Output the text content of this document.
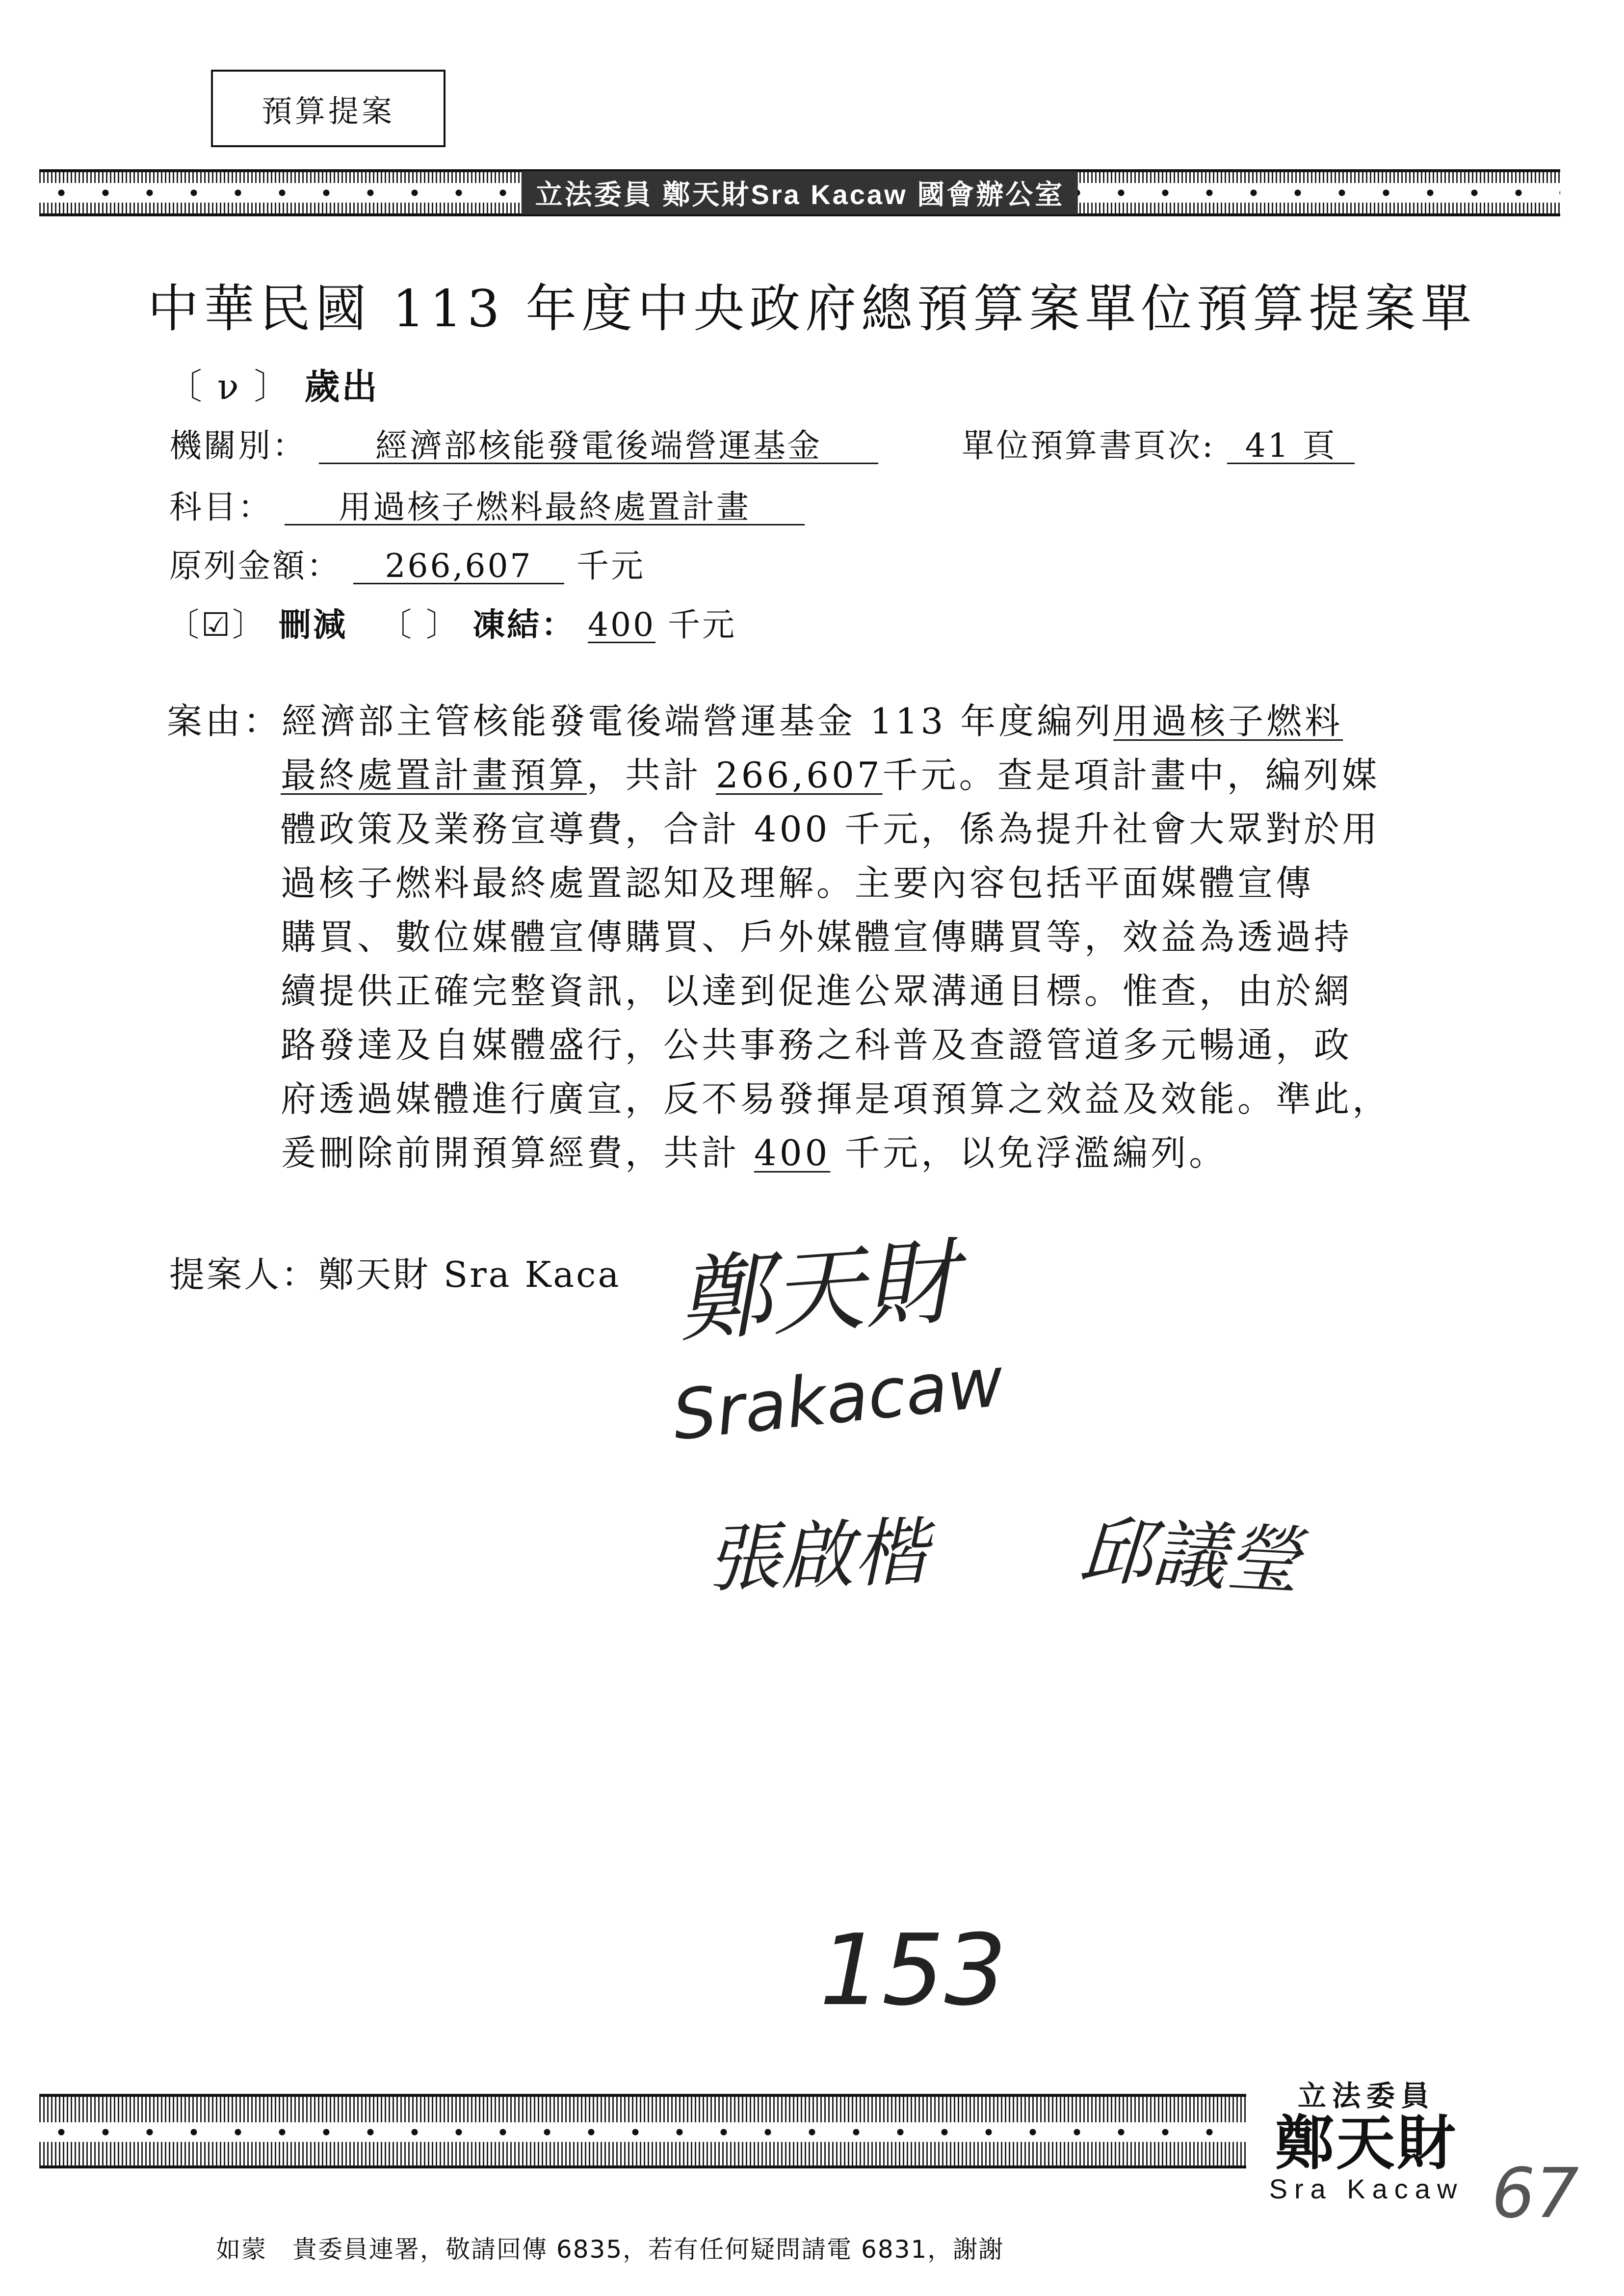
預算提案
立法委員 鄭天財Sra Kacaw 國會辦公室
中華民國 113 年度中央政府總預算案單位預算提案單
〔 ν 〕 歲出
機關別： 經濟部核能發電後端營運基金	單位預算書頁次: 41 頁
科目： 用過核子燃料最終處置計畫
原列金額： 266,607 千元
〔☑〕 刪減 〔 〕 凍結： 400 千元
案由：經濟部主管核能發電後端營運基金 113 年度編列用過核子燃料
最終處置計畫預算，共計 266,607千元。查是項計畫中，編列媒
體政策及業務宣導費，合計 400 千元，係為提升社會大眾對於用
過核子燃料最終處置認知及理解。主要內容包括平面媒體宣傳
購買、數位媒體宣傳購買、戶外媒體宣傳購買等，效益為透過持
續提供正確完整資訊，以達到促進公眾溝通目標。惟查，由於網
路發達及自媒體盛行，公共事務之科普及查證管道多元暢通，政
府透過媒體進行廣宣，反不易發揮是項預算之效益及效能。準此，
爰刪除前開預算經費，共計 400 千元，以免浮濫編列。
提案人：鄭天財 Sra Kaca 鄭天財
Srakacaw
張啟楷 邱議瑩
153
立法委員
鄭天財
Sra Kacaw 67
如蒙　貴委員連署，敬請回傳 6835，若有任何疑問請電 6831，謝謝
